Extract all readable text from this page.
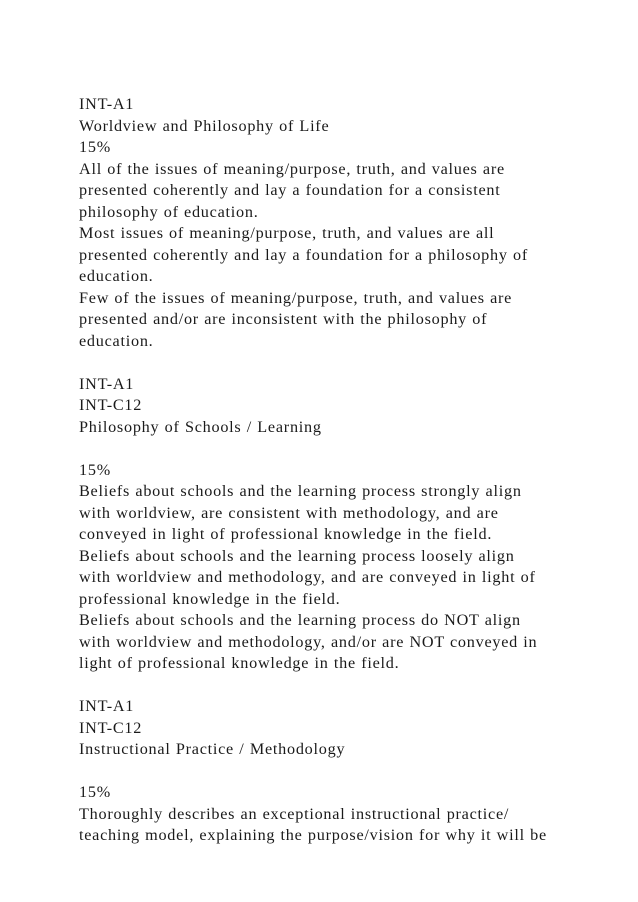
INT-A1
Worldview and Philosophy of Life
15%
All of the issues of meaning/purpose, truth, and values are
presented coherently and lay a foundation for a consistent
philosophy of education.
Most issues of meaning/purpose, truth, and values are all
presented coherently and lay a foundation for a philosophy of
education.
Few of the issues of meaning/purpose, truth, and values are
presented and/or are inconsistent with the philosophy of
education.
INT-A1
INT-C12
Philosophy of Schools / Learning
15%
Beliefs about schools and the learning process strongly align
with worldview, are consistent with methodology, and are
conveyed in light of professional knowledge in the field.
Beliefs about schools and the learning process loosely align
with worldview and methodology, and are conveyed in light of
professional knowledge in the field.
Beliefs about schools and the learning process do NOT align
with worldview and methodology, and/or are NOT conveyed in
light of professional knowledge in the field.
INT-A1
INT-C12
Instructional Practice / Methodology
15%
Thoroughly describes an exceptional instructional practice/
teaching model, explaining the purpose/vision for why it will be
